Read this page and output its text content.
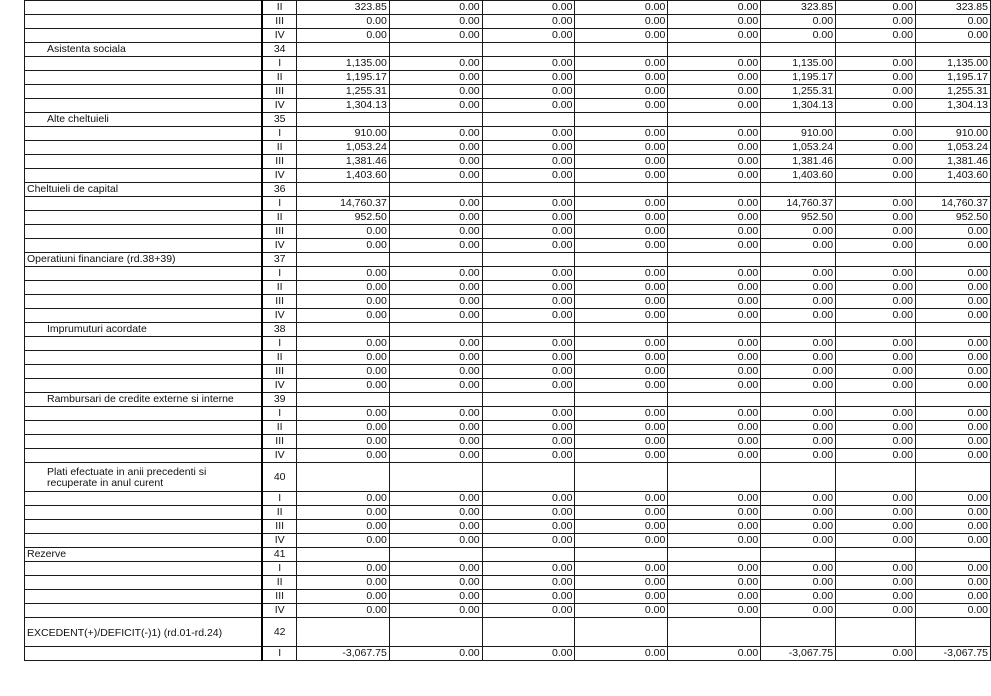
	II	323.85	0.00	0.00	0.00	0.00	323.85	0.00	323.85
	III	0.00	0.00	0.00	0.00	0.00	0.00	0.00	0.00
	IV	0.00	0.00	0.00	0.00	0.00	0.00	0.00	0.00
Asistenta sociala	34								
	I	1,135.00	0.00	0.00	0.00	0.00	1,135.00	0.00	1,135.00
	II	1,195.17	0.00	0.00	0.00	0.00	1,195.17	0.00	1,195.17
	III	1,255.31	0.00	0.00	0.00	0.00	1,255.31	0.00	1,255.31
	IV	1,304.13	0.00	0.00	0.00	0.00	1,304.13	0.00	1,304.13
Alte cheltuieli	35								
	I	910.00	0.00	0.00	0.00	0.00	910.00	0.00	910.00
	II	1,053.24	0.00	0.00	0.00	0.00	1,053.24	0.00	1,053.24
	III	1,381.46	0.00	0.00	0.00	0.00	1,381.46	0.00	1,381.46
	IV	1,403.60	0.00	0.00	0.00	0.00	1,403.60	0.00	1,403.60
Cheltuieli de capital	36								
	I	14,760.37	0.00	0.00	0.00	0.00	14,760.37	0.00	14,760.37
	II	952.50	0.00	0.00	0.00	0.00	952.50	0.00	952.50
	III	0.00	0.00	0.00	0.00	0.00	0.00	0.00	0.00
	IV	0.00	0.00	0.00	0.00	0.00	0.00	0.00	0.00
Operatiuni financiare (rd.38+39)	37								
	I	0.00	0.00	0.00	0.00	0.00	0.00	0.00	0.00
	II	0.00	0.00	0.00	0.00	0.00	0.00	0.00	0.00
	III	0.00	0.00	0.00	0.00	0.00	0.00	0.00	0.00
	IV	0.00	0.00	0.00	0.00	0.00	0.00	0.00	0.00
Imprumuturi acordate	38								
	I	0.00	0.00	0.00	0.00	0.00	0.00	0.00	0.00
	II	0.00	0.00	0.00	0.00	0.00	0.00	0.00	0.00
	III	0.00	0.00	0.00	0.00	0.00	0.00	0.00	0.00
	IV	0.00	0.00	0.00	0.00	0.00	0.00	0.00	0.00
Rambursari de credite externe si interne	39								
	I	0.00	0.00	0.00	0.00	0.00	0.00	0.00	0.00
	II	0.00	0.00	0.00	0.00	0.00	0.00	0.00	0.00
	III	0.00	0.00	0.00	0.00	0.00	0.00	0.00	0.00
	IV	0.00	0.00	0.00	0.00	0.00	0.00	0.00	0.00
Plati efectuate in anii precedenti si recuperate in anul curent	40								
	I	0.00	0.00	0.00	0.00	0.00	0.00	0.00	0.00
	II	0.00	0.00	0.00	0.00	0.00	0.00	0.00	0.00
	III	0.00	0.00	0.00	0.00	0.00	0.00	0.00	0.00
	IV	0.00	0.00	0.00	0.00	0.00	0.00	0.00	0.00
Rezerve	41								
	I	0.00	0.00	0.00	0.00	0.00	0.00	0.00	0.00
	II	0.00	0.00	0.00	0.00	0.00	0.00	0.00	0.00
	III	0.00	0.00	0.00	0.00	0.00	0.00	0.00	0.00
	IV	0.00	0.00	0.00	0.00	0.00	0.00	0.00	0.00
EXCEDENT(+)/DEFICIT(-)1) (rd.01-rd.24)	42								
	I	-3,067.75	0.00	0.00	0.00	0.00	-3,067.75	0.00	-3,067.75
